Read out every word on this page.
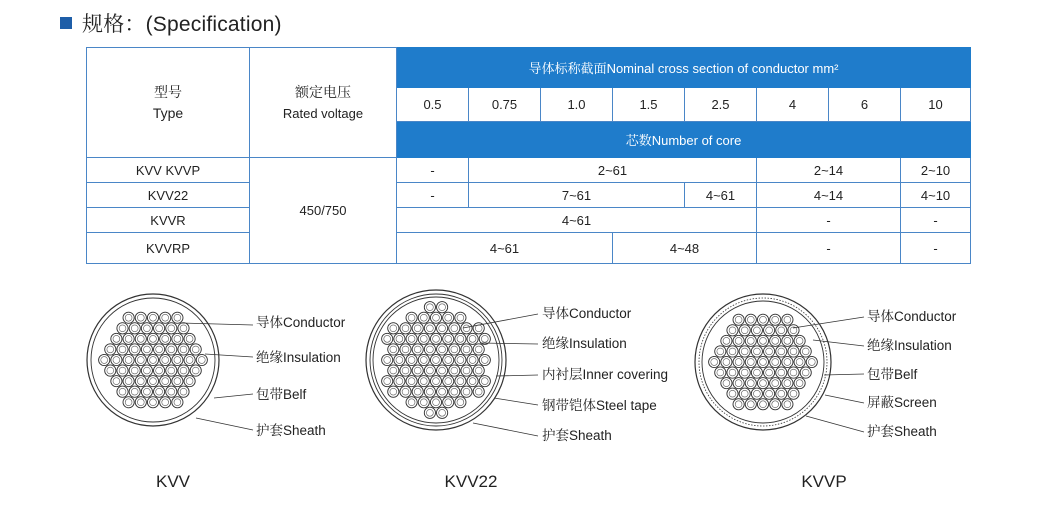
规格：(Specification)
型号
Type	额定电压
Rated voltage	导体标称截面Nominal cross section of conductor mm²							
		0.5	0.75	1.0	1.5	2.5	4	6	10
		芯数Number of core							
KVV KVVP	450/750	-	2~61				2~14		2~10
KVV22		-	7~61			4~61	4~14		4~10
KVVR		4~61					-		-
KVVRP		4~61			4~48		-		-
导体Conductor
绝缘Insulation
包带Belf
护套Sheath
KVV
导体Conductor
绝缘Insulation
内衬层Inner covering
钢带铠体Steel tape
护套Sheath
KVV22
导体Conductor
绝缘Insulation
包带Belf
屏蔽Screen
护套Sheath
KVVP
